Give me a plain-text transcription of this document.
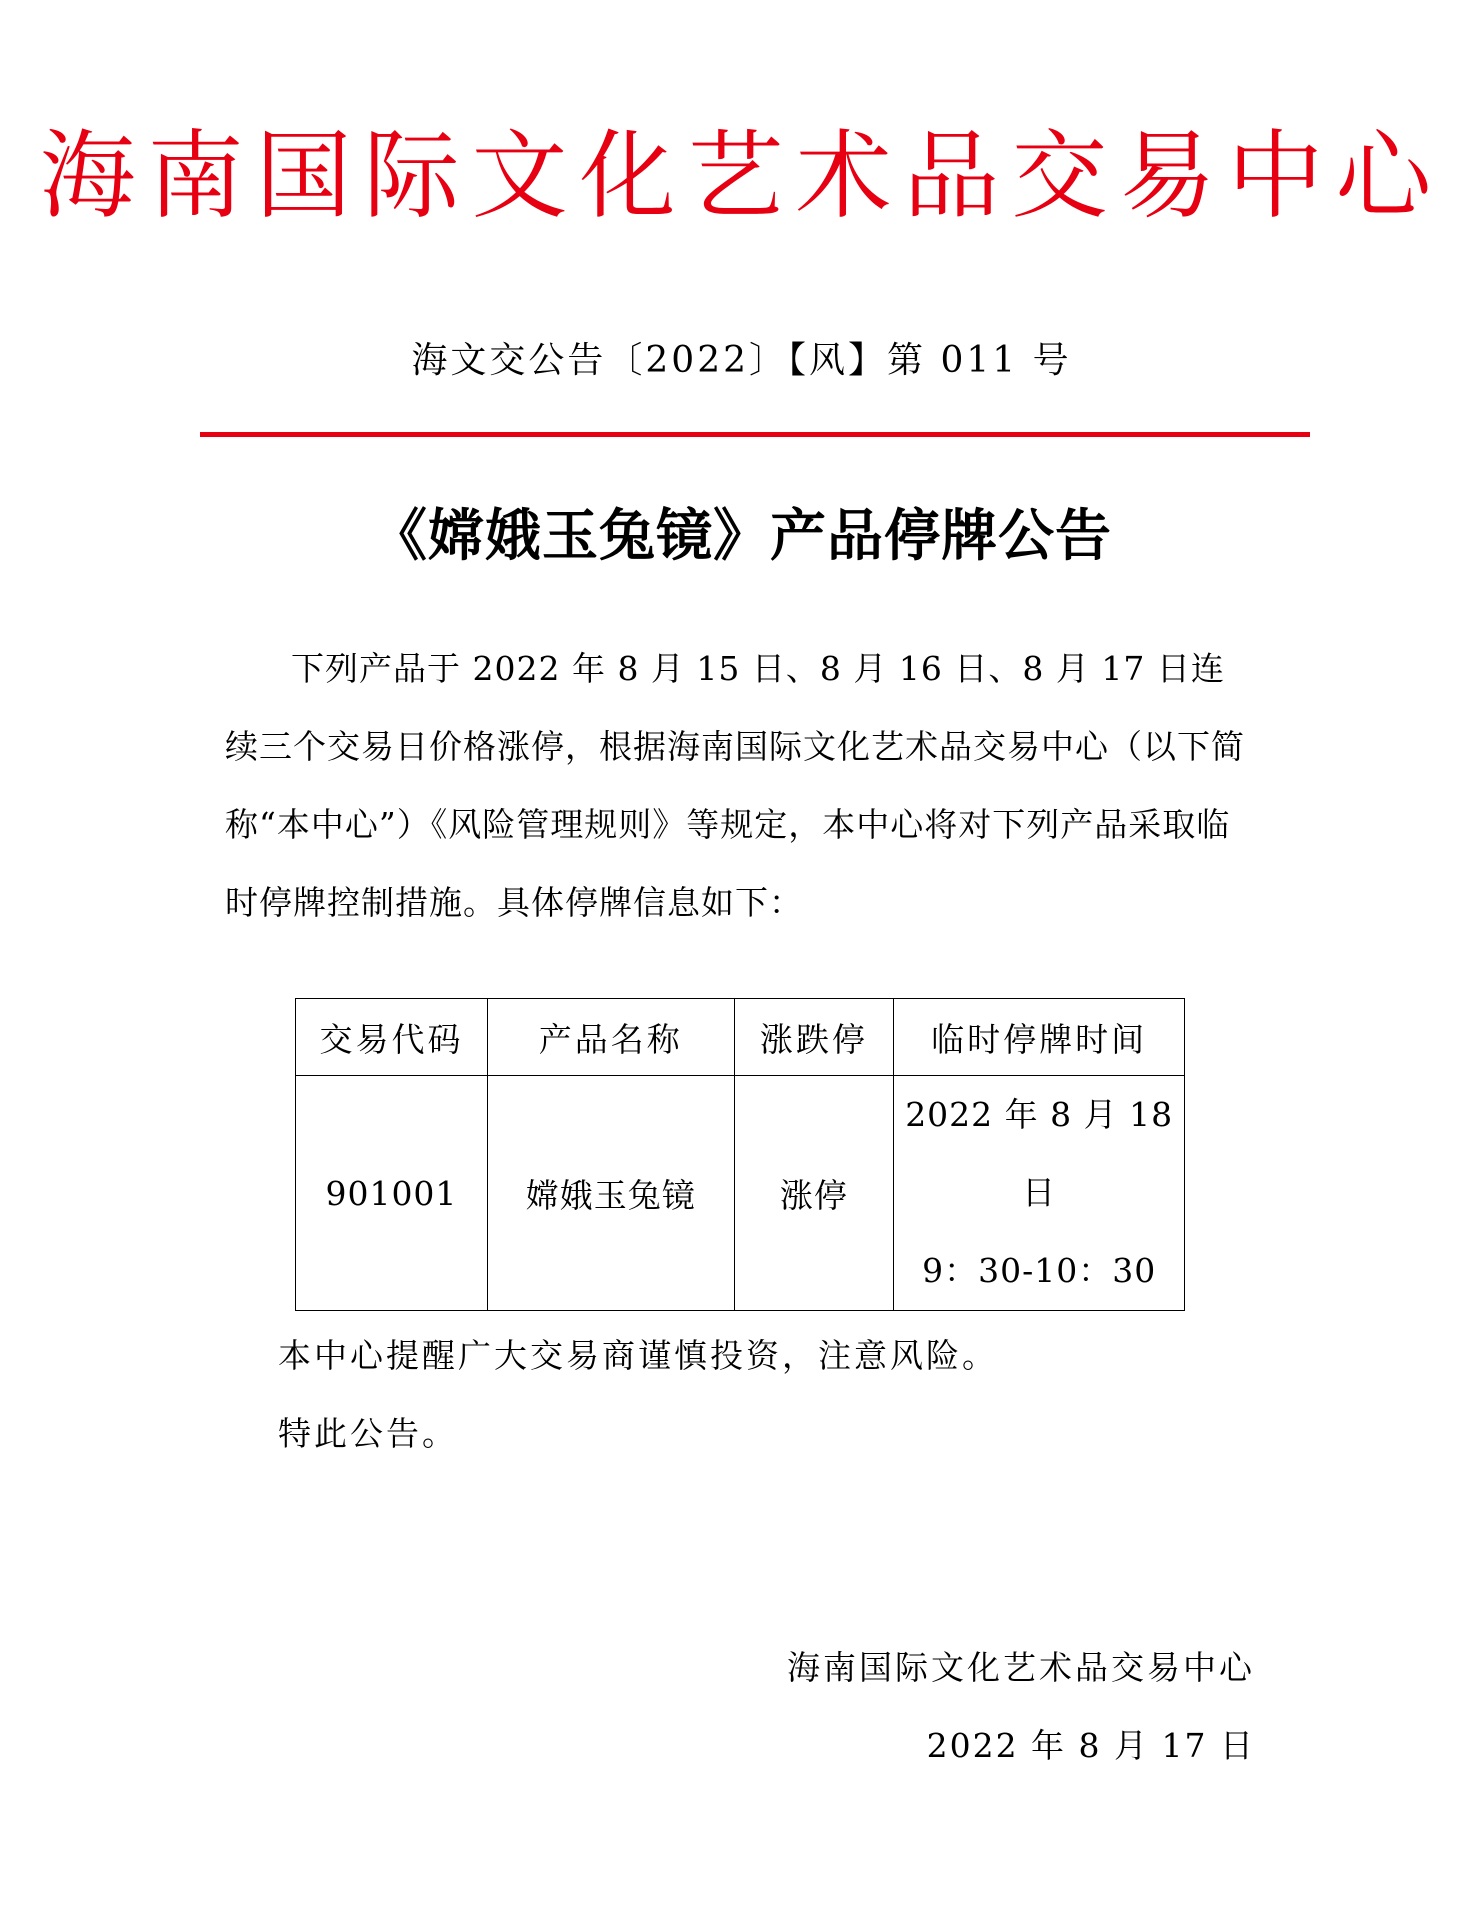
海南国际文化艺术品交易中心
海文交公告〔2022〕【风】第 011 号
《嫦娥玉兔镜》产品停牌公告
下列产品于 2022 年 8 月 15 日、8 月 16 日、8 月 17 日连续三个交易日价格涨停，根据海南国际文化艺术品交易中心（以下简称“本中心”）《风险管理规则》等规定，本中心将对下列产品采取临时停牌控制措施。具体停牌信息如下：
交易代码	产品名称	涨跌停	临时停牌时间
901001	嫦娥玉兔镜	涨停	2022 年 8 月 18 日
9：30-10：30
本中心提醒广大交易商谨慎投资，注意风险。
特此公告。
海南国际文化艺术品交易中心
2022 年 8 月 17 日
